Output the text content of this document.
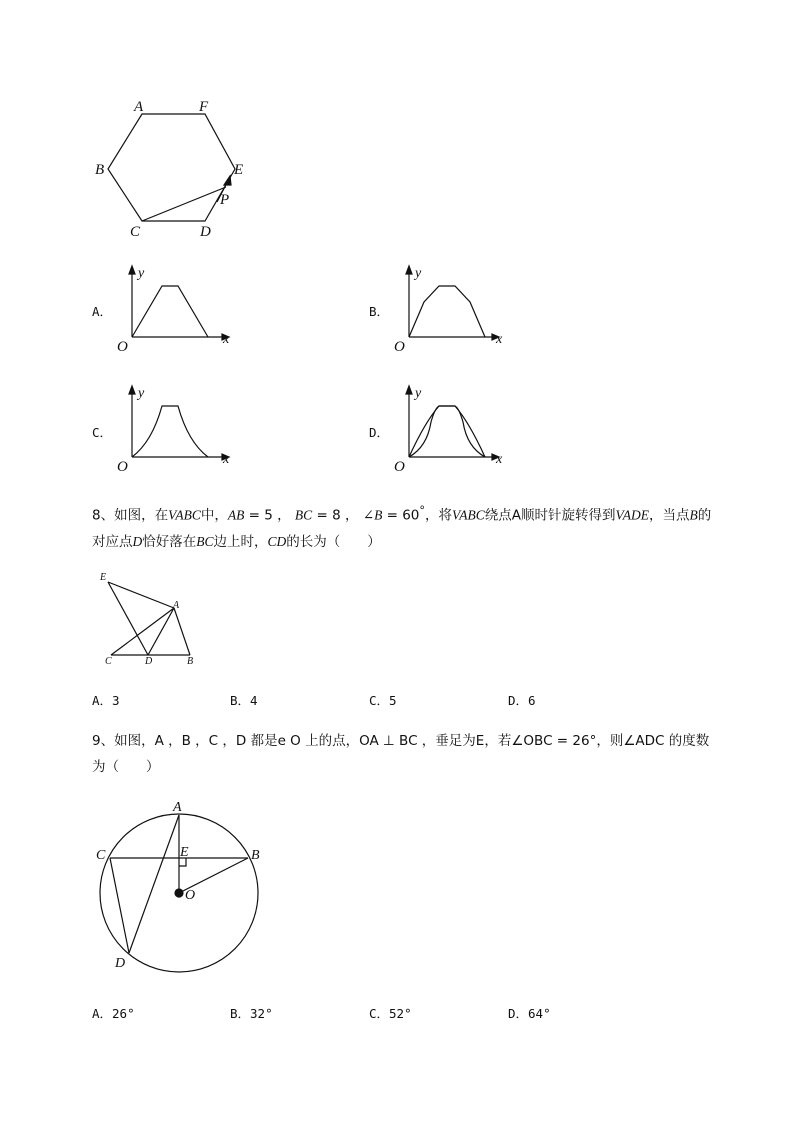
A	F
B	E
P
C	D
A．
y
x
O
B．
y
x
O
C．
y
x
O
D．
y
x
O
8、如图，在VABC中，AB = 5 ， BC = 8 ， ∠B = 60°，将VABC绕点A顺时针旋转得到VADE，当点B的
对应点D恰好落在BC边上时，CD的长为（　　）
E
A
C	D	B
A．3	B．4	C．5	D．6
9、如图，A ，B ，C ，D 都是e O 上的点，OA ⊥ BC ，垂足为E，若∠OBC = 26°，则∠ADC 的度数
为（　　）
A
C	E	B
O
D
A．26°	B．32°	C．52°	D．64°
